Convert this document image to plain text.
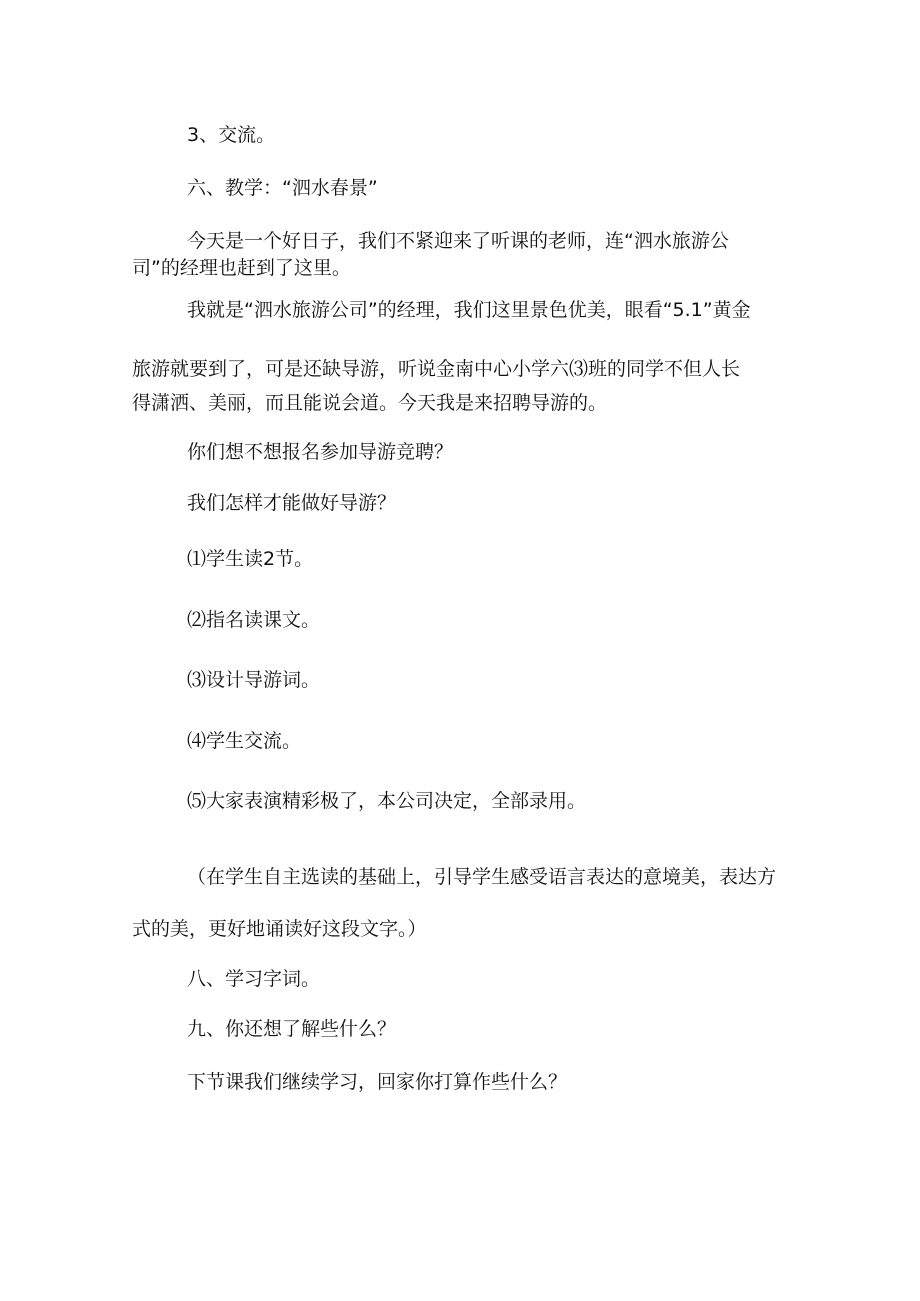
3、交流。
六、教学：“泗水春景”
今天是一个好日子，我们不紧迎来了听课的老师，连“泗水旅游公
司”的经理也赶到了这里。
我就是“泗水旅游公司”的经理，我们这里景色优美，眼看“5.1”黄金
旅游就要到了，可是还缺导游，听说金南中心小学六⑶班的同学不但人长
得潇洒、美丽，而且能说会道。今天我是来招聘导游的。
你们想不想报名参加导游竞聘？
我们怎样才能做好导游？
⑴学生读2节。
⑵指名读课文。
⑶设计导游词。
⑷学生交流。
⑸大家表演精彩极了，本公司决定，全部录用。
（在学生自主选读的基础上，引导学生感受语言表达的意境美，表达方
式的美，更好地诵读好这段文字。）
八、学习字词。
九、你还想了解些什么？
下节课我们继续学习，回家你打算作些什么？
